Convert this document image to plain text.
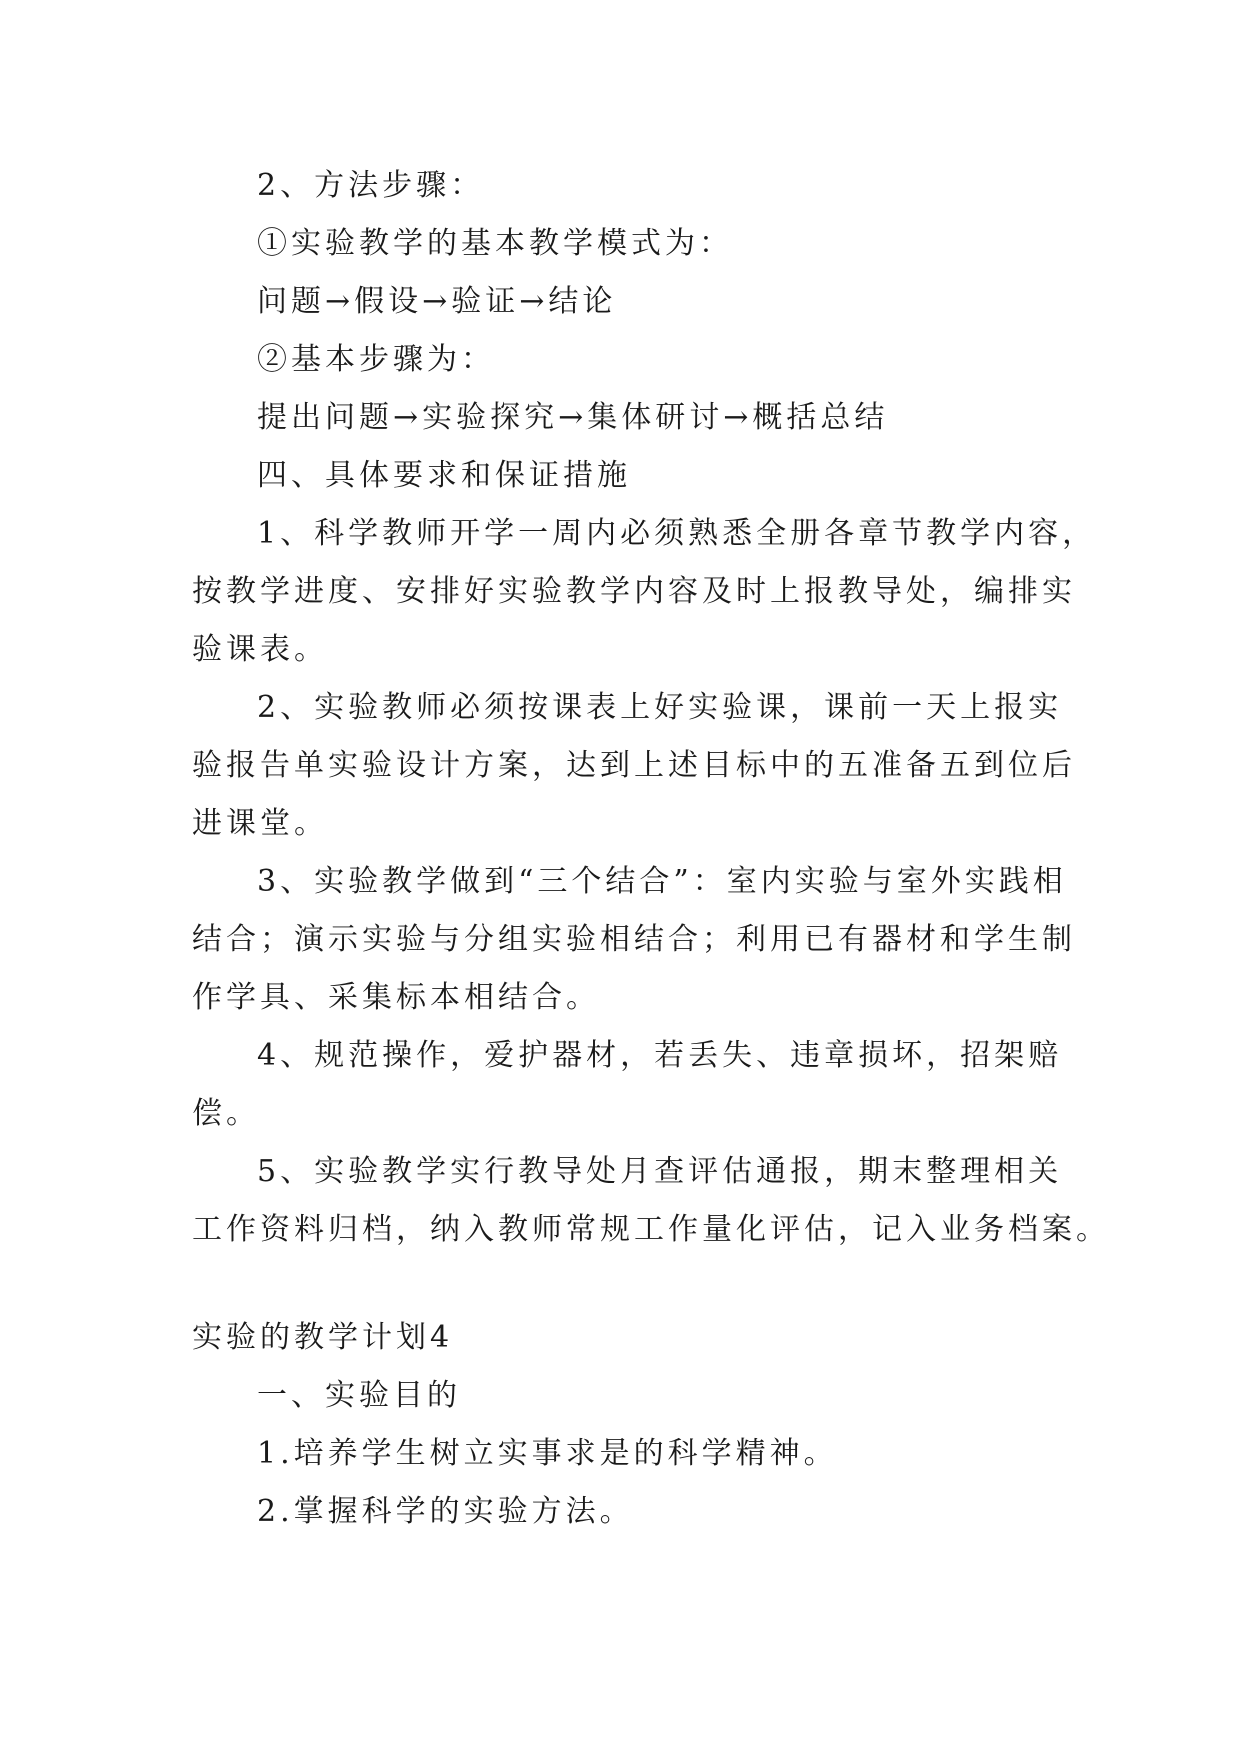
2、方法步骤：
①实验教学的基本教学模式为：
问题→假设→验证→结论
②基本步骤为：
提出问题→实验探究→集体研讨→概括总结
四、具体要求和保证措施
1、科学教师开学一周内必须熟悉全册各章节教学内容，
按教学进度、安排好实验教学内容及时上报教导处，编排实
验课表。
2、实验教师必须按课表上好实验课，课前一天上报实
验报告单实验设计方案，达到上述目标中的五准备五到位后
进课堂。
3、实验教学做到“三个结合”：室内实验与室外实践相
结合；演示实验与分组实验相结合；利用已有器材和学生制
作学具、采集标本相结合。
4、规范操作，爱护器材，若丢失、违章损坏，招架赔
偿。
5、实验教学实行教导处月查评估通报，期末整理相关
工作资料归档，纳入教师常规工作量化评估，记入业务档案。
实验的教学计划4
一、实验目的
1.培养学生树立实事求是的科学精神。
2.掌握科学的实验方法。
